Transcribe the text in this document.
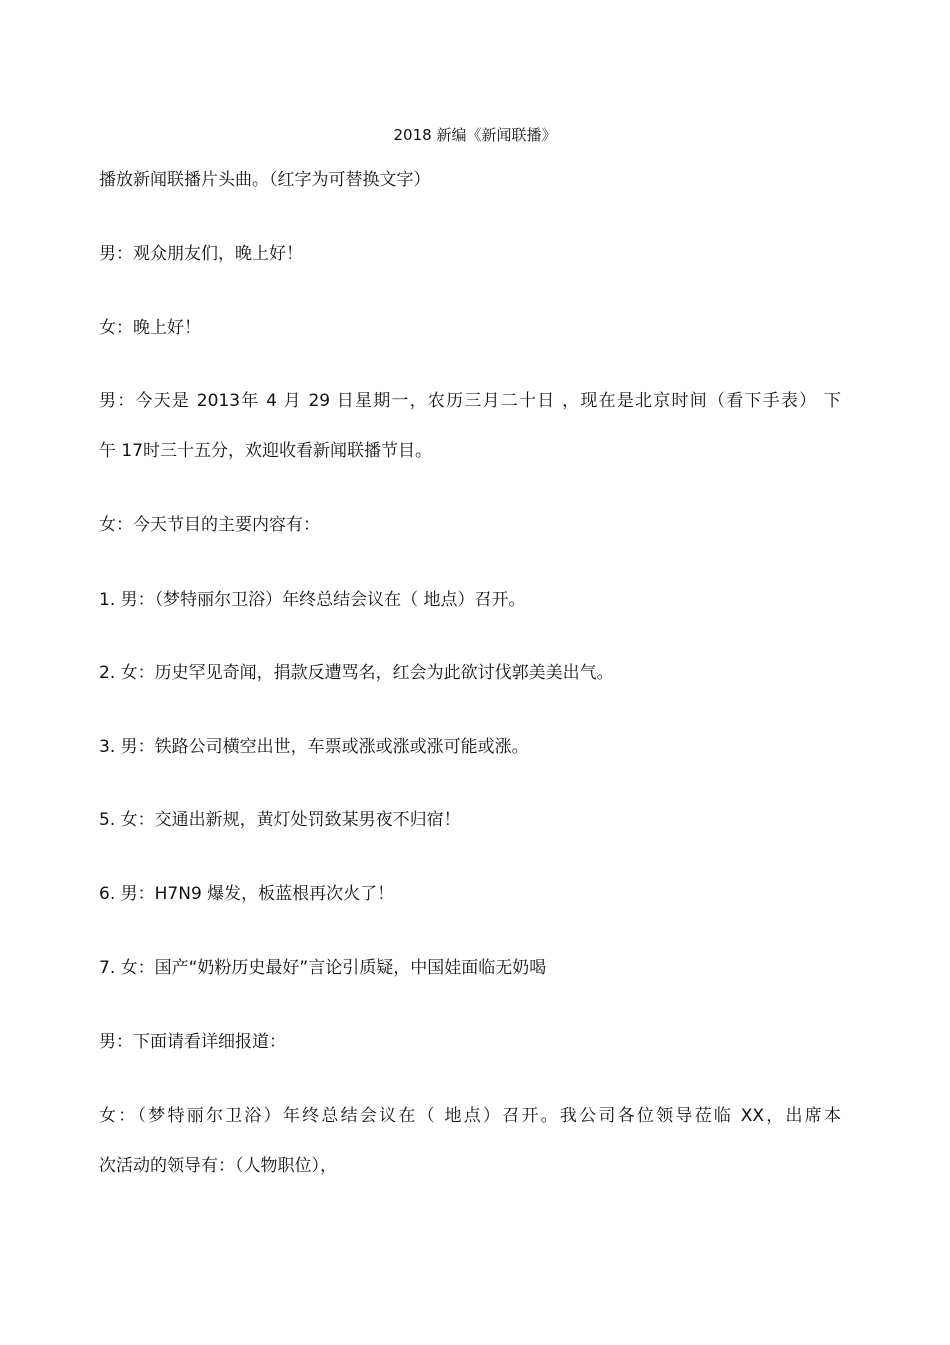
2018 新编《新闻联播》
播放新闻联播片头曲。（红字为可替换文字）
男：观众朋友们，晚上好！
女：晚上好！
男：今天是 2013年 4 月 29 日星期一，农历三月二十日 ，现在是北京时间（看下手表） 下
午 17时三十五分，欢迎收看新闻联播节目。
女：今天节目的主要内容有：
1. 男：（梦特丽尔卫浴）年终总结会议在（ 地点）召开。
2. 女：历史罕见奇闻，捐款反遭骂名，红会为此欲讨伐郭美美出气。
3. 男：铁路公司横空出世，车票或涨或涨或涨可能或涨。
5. 女：交通出新规，黄灯处罚致某男夜不归宿！
6. 男：H7N9 爆发，板蓝根再次火了！
7. 女：国产“奶粉历史最好”言论引质疑，中国娃面临无奶喝
男：下面请看详细报道：
女：（梦特丽尔卫浴）年终总结会议在（ 地点）召开。我公司各位领导莅临 XX，出席本
次活动的领导有：（人物职位），
